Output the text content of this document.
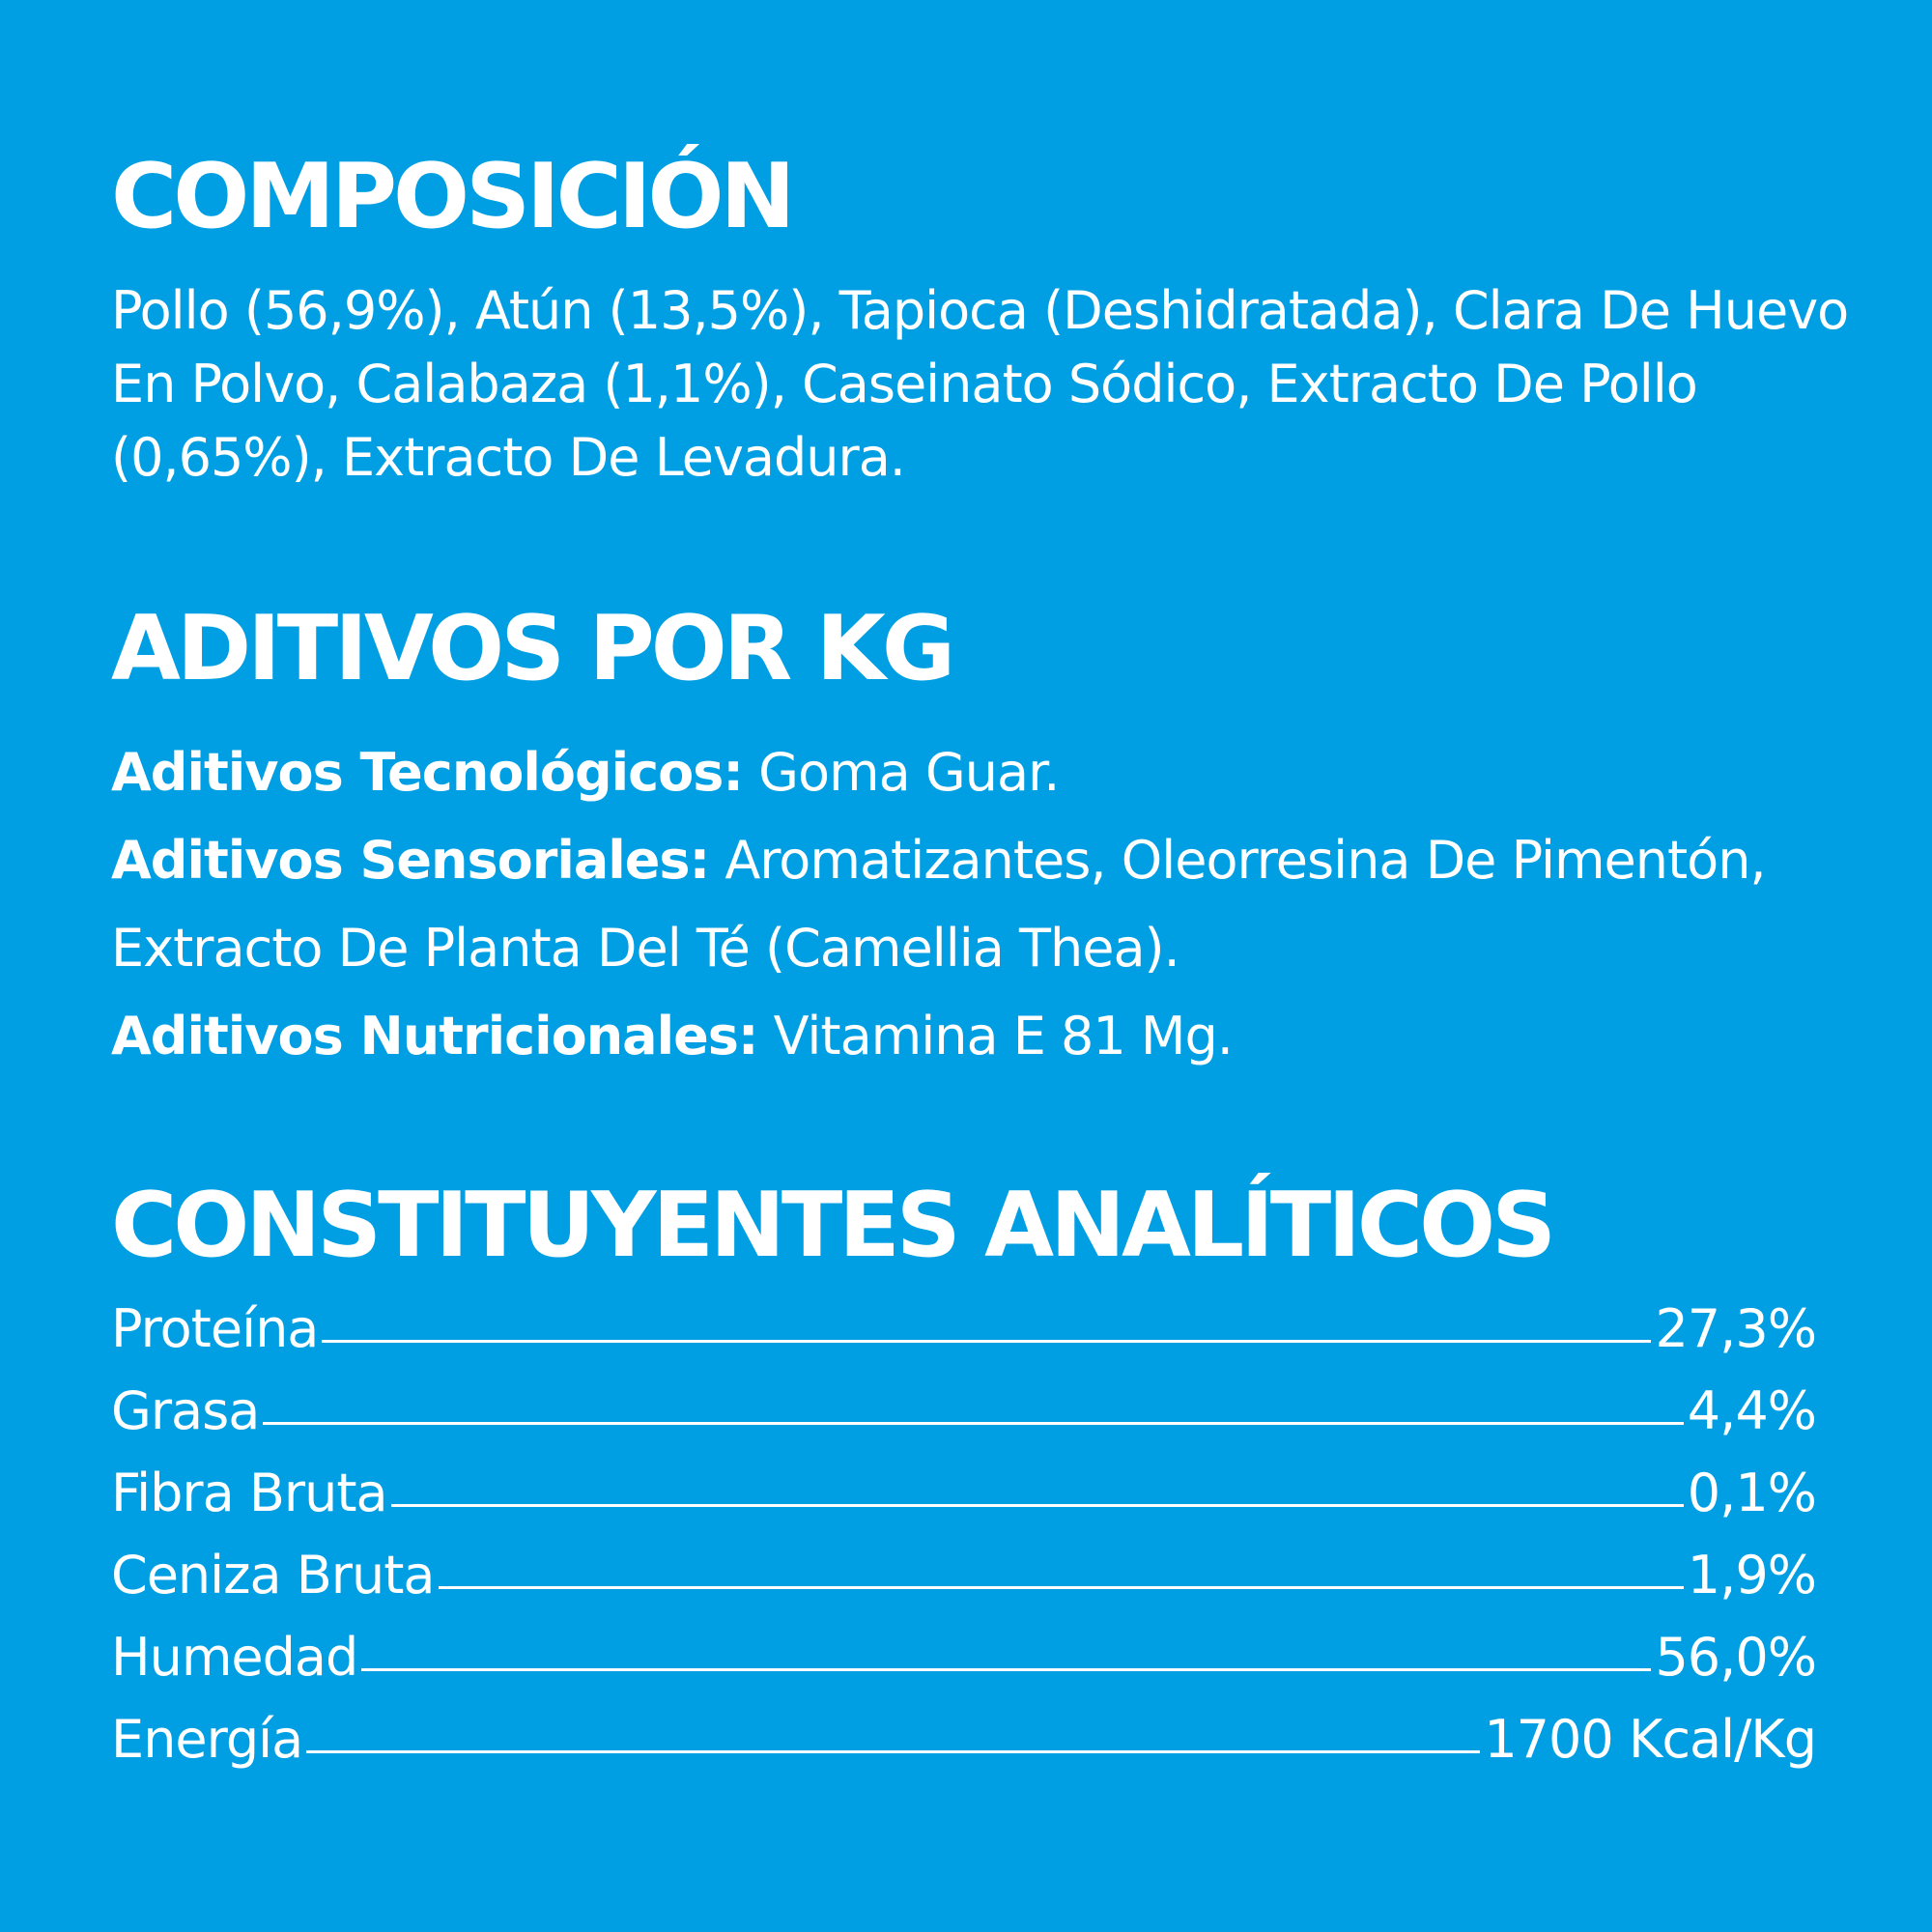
COMPOSICIÓN

Pollo (56,9%), Atún (13,5%), Tapioca (Deshidratada), Clara De Huevo En Polvo, Calabaza (1,1%), Caseinato Sódico, Extracto De Pollo (0,65%), Extracto De Levadura.

ADITIVOS POR KG
Aditivos Tecnológicos: Goma Guar.
Aditivos Sensoriales: Aromatizantes, Oleorresina De Pimentón, Extracto De Planta Del Té (Camellia Thea).
Aditivos Nutricionales: Vitamina E 81 Mg.
CONSTITUYENTES ANALÍTICOS
Proteína	27,3%
Grasa	4,4%
Fibra Bruta	0,1%
Ceniza Bruta	1,9%
Humedad	56,0%
Energía	1700 Kcal/Kg
